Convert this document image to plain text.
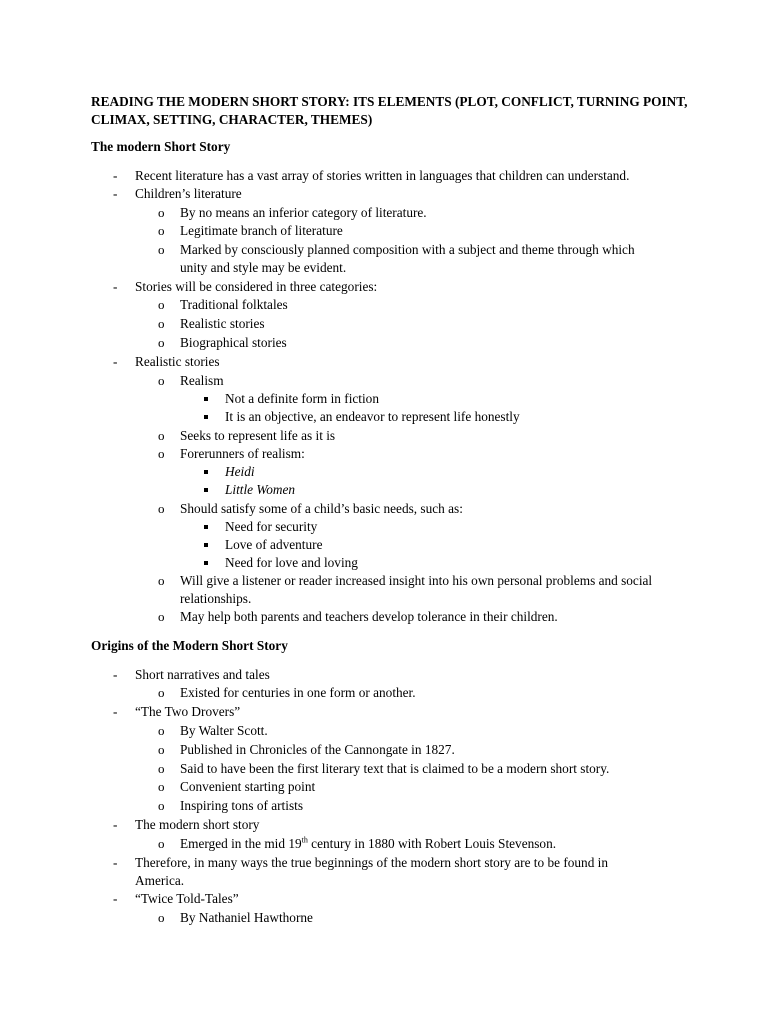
READING THE MODERN SHORT STORY: ITS ELEMENTS (PLOT, CONFLICT, TURNING POINT, CLIMAX, SETTING, CHARACTER, THEMES)
The modern Short Story
- Recent literature has a vast array of stories written in languages that children can understand.
- Children’s literature
o By no means an inferior category of literature.
o Legitimate branch of literature
o Marked by consciously planned composition with a subject and theme through which
unity and style may be evident.
- Stories will be considered in three categories:
o Traditional folktales
o Realistic stories
o Biographical stories
- Realistic stories
o Realism
Not a definite form in fiction
It is an objective, an endeavor to represent life honestly
o Seeks to represent life as it is
o Forerunners of realism:
Heidi
Little Women
o Should satisfy some of a child’s basic needs, such as:
Need for security
Love of adventure
Need for love and loving
o Will give a listener or reader increased insight into his own personal problems and social
relationships.
o May help both parents and teachers develop tolerance in their children.
Origins of the Modern Short Story
- Short narratives and tales
o Existed for centuries in one form or another.
- “The Two Drovers”
o By Walter Scott.
o Published in Chronicles of the Cannongate in 1827.
o Said to have been the first literary text that is claimed to be a modern short story.
o Convenient starting point
o Inspiring tons of artists
- The modern short story
o Emerged in the mid 19th century in 1880 with Robert Louis Stevenson.
- Therefore, in many ways the true beginnings of the modern short story are to be found in
America.
- “Twice Told-Tales”
o By Nathaniel Hawthorne
